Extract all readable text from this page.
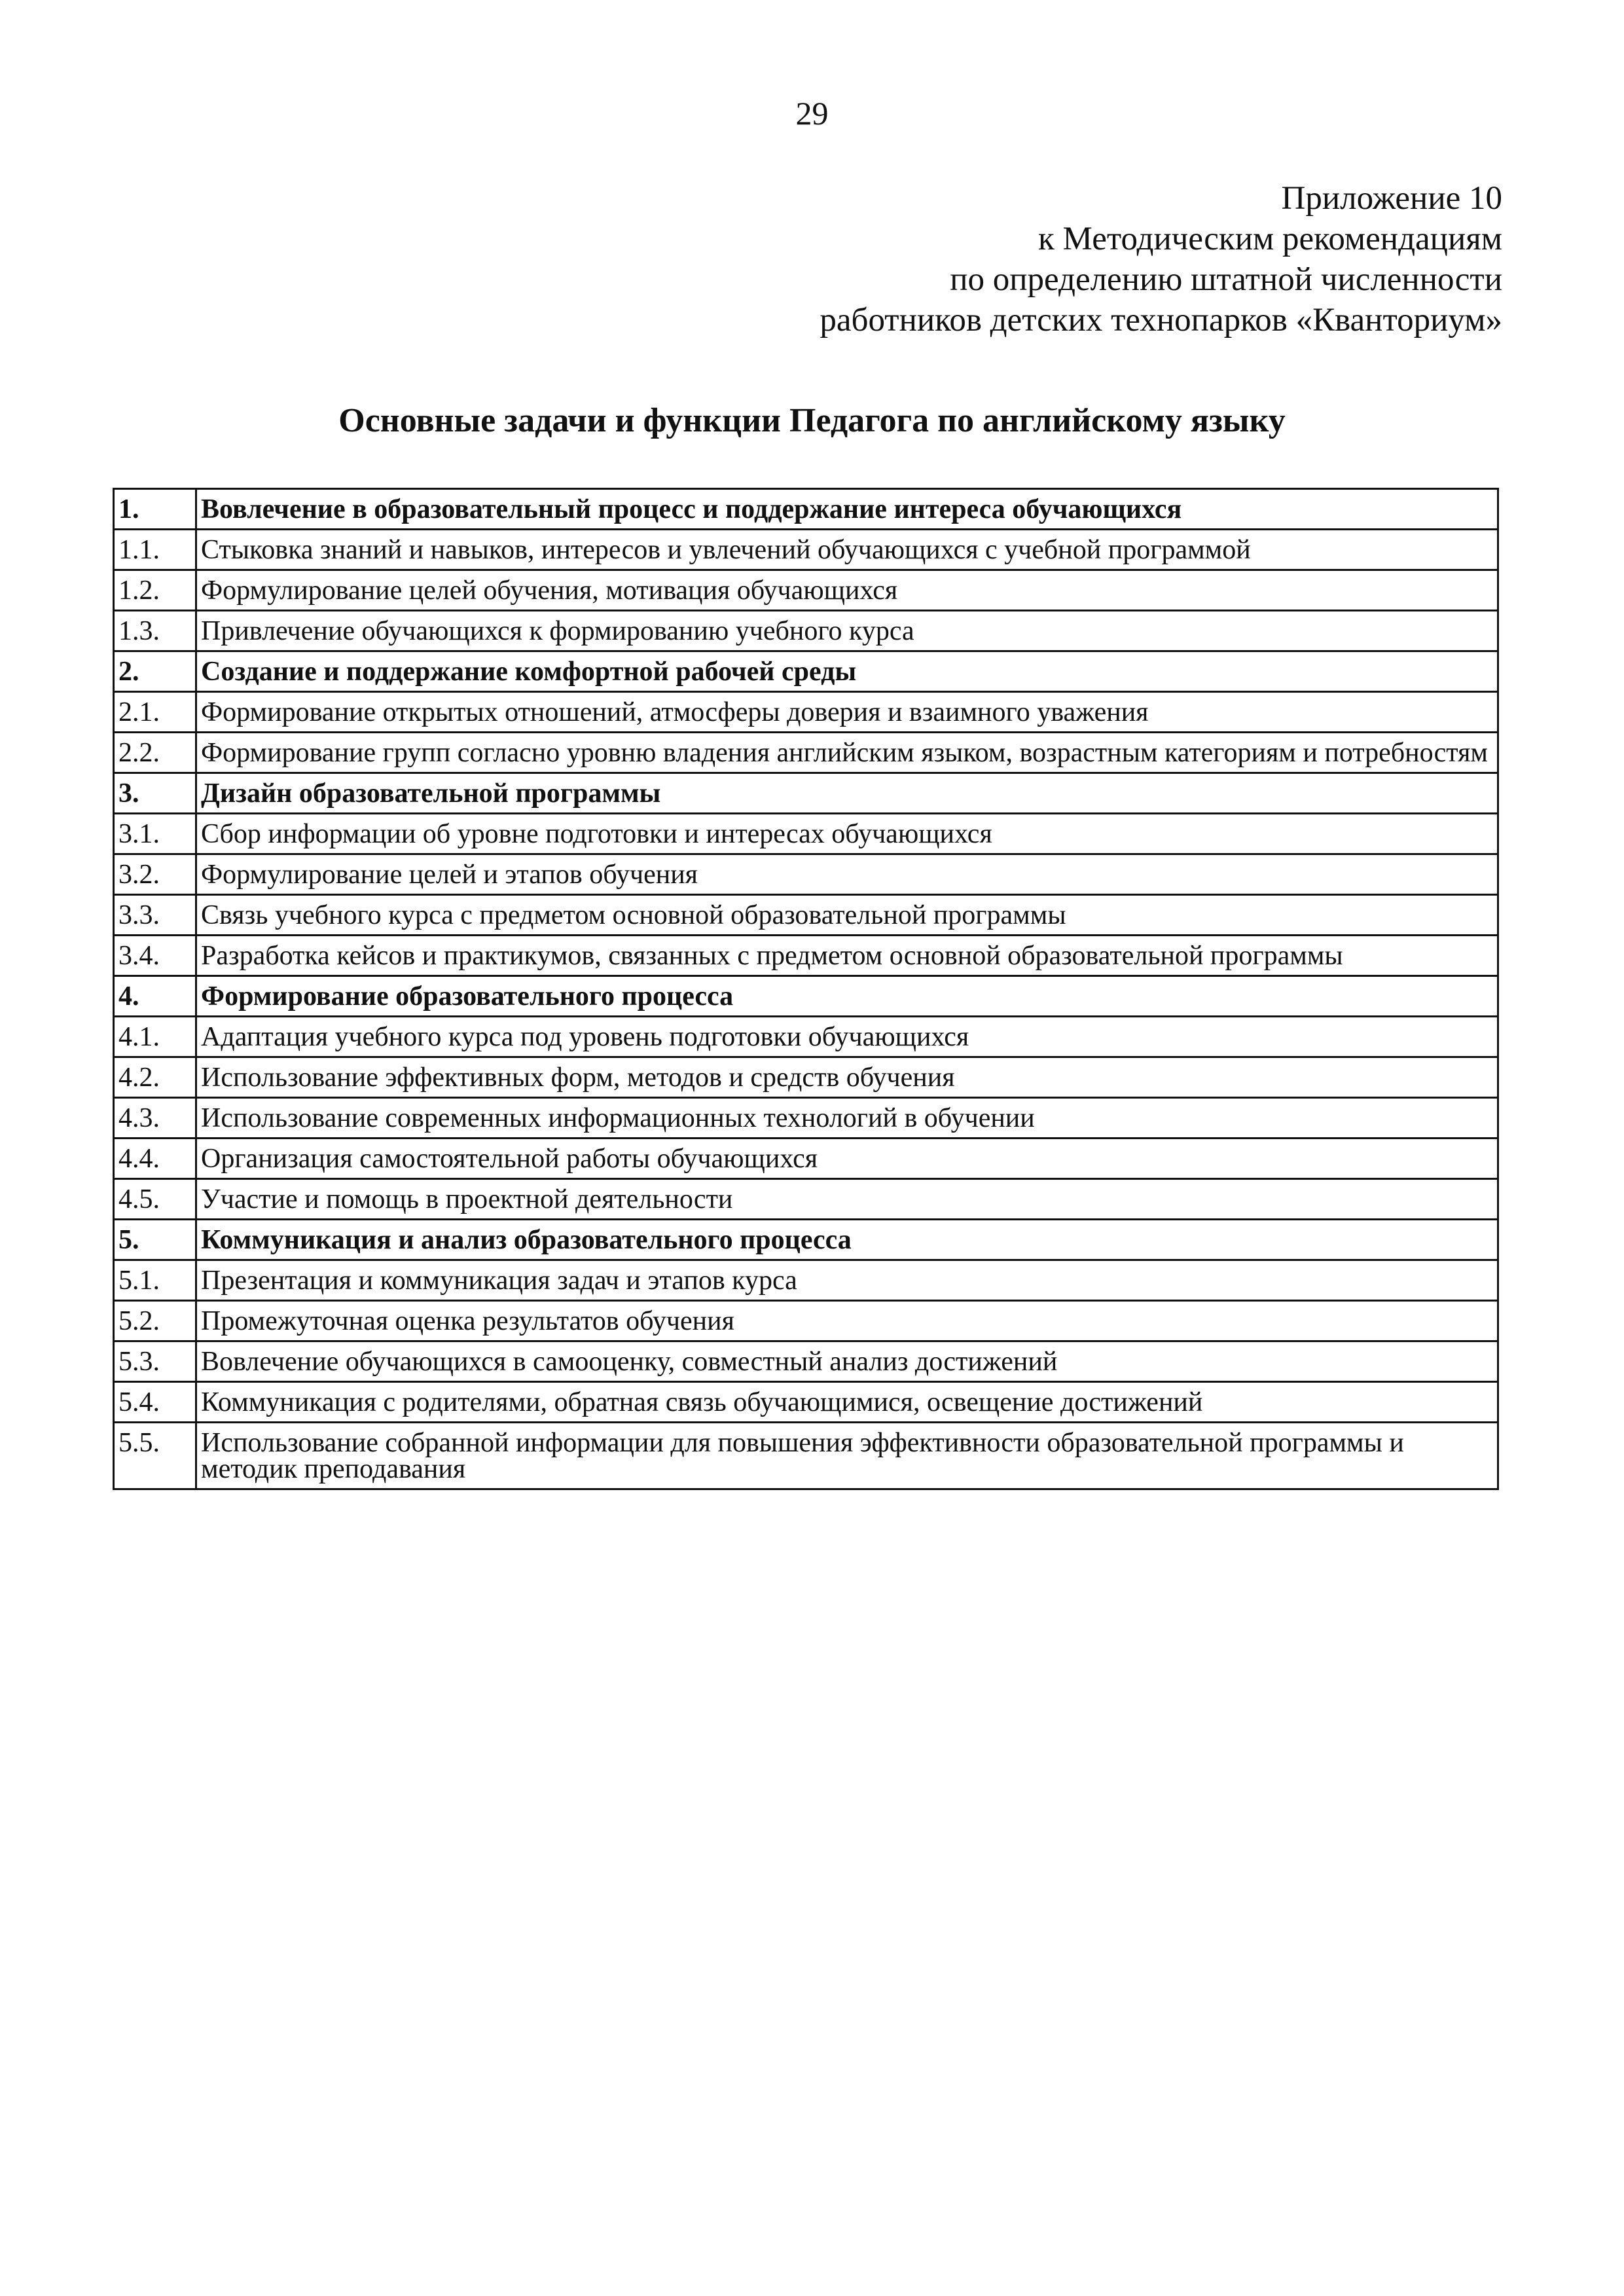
29
Приложение 10
к Методическим рекомендациям
по определению штатной численности
работников детских технопарков «Кванториум»
Основные задачи и функции Педагога по английскому языку
1.	Вовлечение в образовательный процесс и поддержание интереса обучающихся
1.1.	Стыковка знаний и навыков, интересов и увлечений обучающихся с учебной программой
1.2.	Формулирование целей обучения, мотивация обучающихся
1.3.	Привлечение обучающихся к формированию учебного курса
2.	Создание и поддержание комфортной рабочей среды
2.1.	Формирование открытых отношений, атмосферы доверия и взаимного уважения
2.2.	Формирование групп согласно уровню владения английским языком, возрастным категориям и потребностям
3.	Дизайн образовательной программы
3.1.	Сбор информации об уровне подготовки и интересах обучающихся
3.2.	Формулирование целей и этапов обучения
3.3.	Связь учебного курса с предметом основной образовательной программы
3.4.	Разработка кейсов и практикумов, связанных с предметом основной образовательной программы
4.	Формирование образовательного процесса
4.1.	Адаптация учебного курса под уровень подготовки обучающихся
4.2.	Использование эффективных форм, методов и средств обучения
4.3.	Использование современных информационных технологий в обучении
4.4.	Организация самостоятельной работы обучающихся
4.5.	Участие и помощь в проектной деятельности
5.	Коммуникация и анализ образовательного процесса
5.1.	Презентация и коммуникация задач и этапов курса
5.2.	Промежуточная оценка результатов обучения
5.3.	Вовлечение обучающихся в самооценку, совместный анализ достижений
5.4.	Коммуникация с родителями, обратная связь обучающимися, освещение достижений
5.5.	Использование собранной информации для повышения эффективности образовательной программы и методик преподавания
